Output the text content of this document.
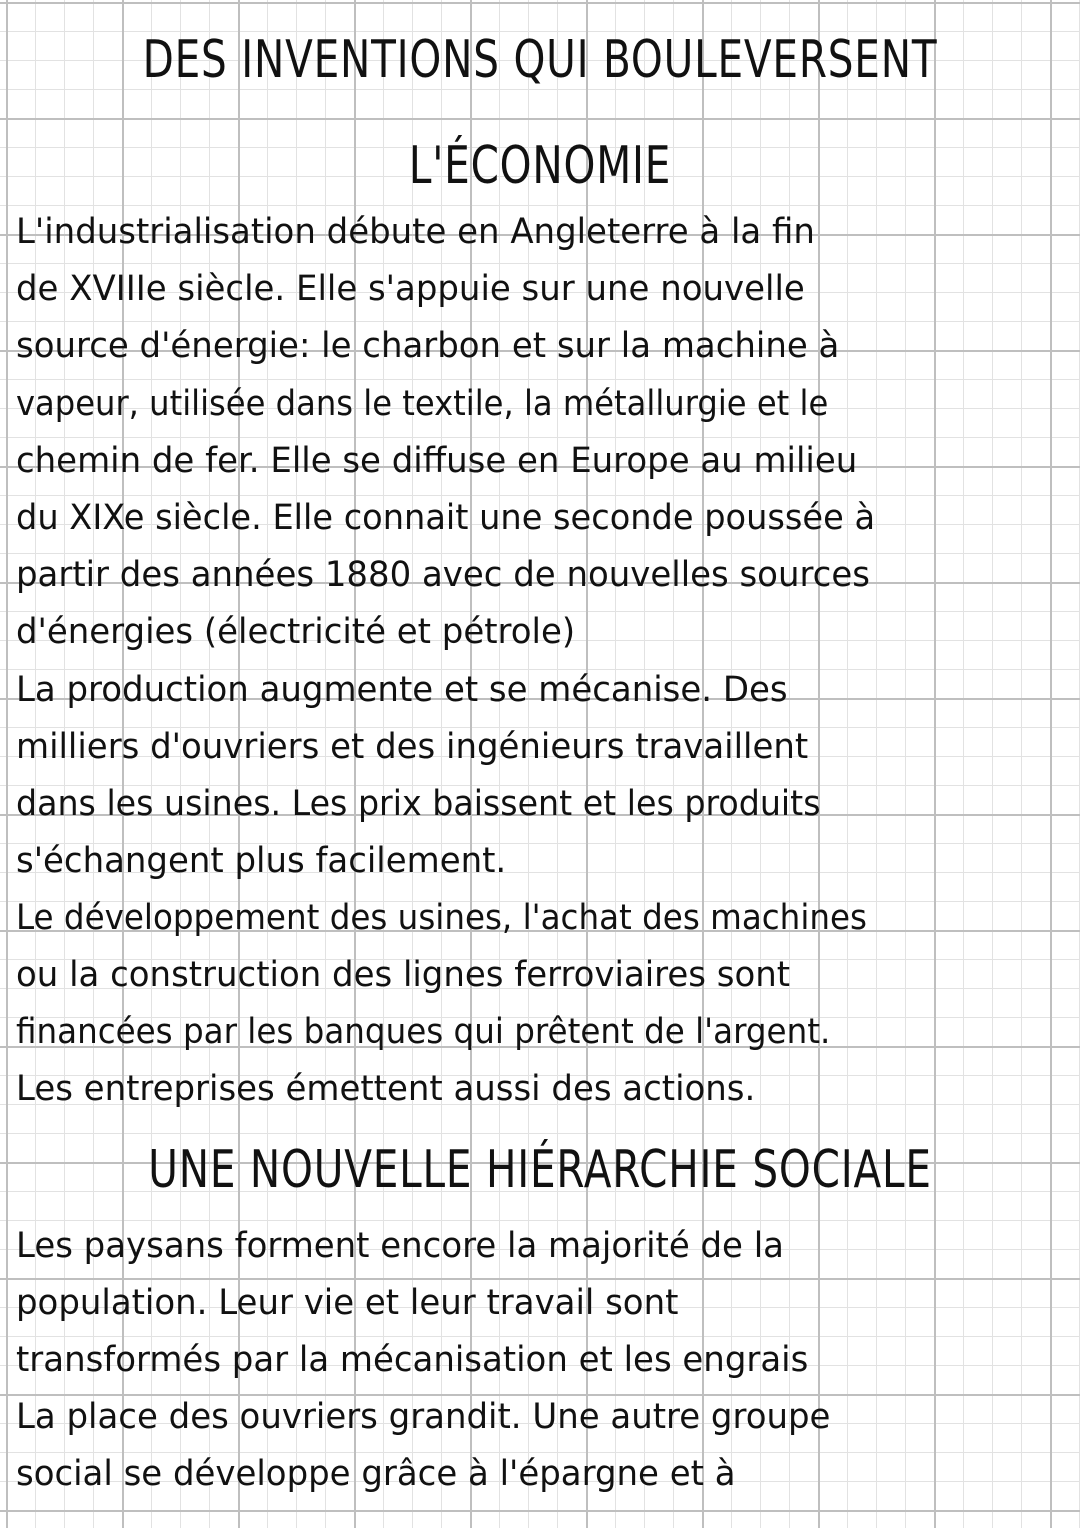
DES INVENTIONS QUI BOULEVERSENT
L'ÉCONOMIE

L'industrialisation débute en Angleterre à la fin

de XVIIIe siècle. Elle s'appuie sur une nouvelle

source d'énergie: le charbon et sur la machine à

vapeur, utilisée dans le textile, la métallurgie et le

chemin de fer. Elle se diffuse en Europe au milieu

du XIXe siècle. Elle connait une seconde poussée à

partir des années 1880 avec de nouvelles sources

d'énergies (électricité et pétrole)

La production augmente et se mécanise. Des

milliers d'ouvriers et des ingénieurs travaillent

dans les usines. Les prix baissent et les produits

s'échangent plus facilement.

Le développement des usines, l'achat des machines

ou la construction des lignes ferroviaires sont

financées par les banques qui prêtent de l'argent.

Les entreprises émettent aussi des actions.

UNE NOUVELLE HIÉRARCHIE SOCIALE

Les paysans forment encore la majorité de la

population. Leur vie et leur travail sont

transformés par la mécanisation et les engrais

La place des ouvriers grandit. Une autre groupe

social se développe grâce à l'épargne et à
